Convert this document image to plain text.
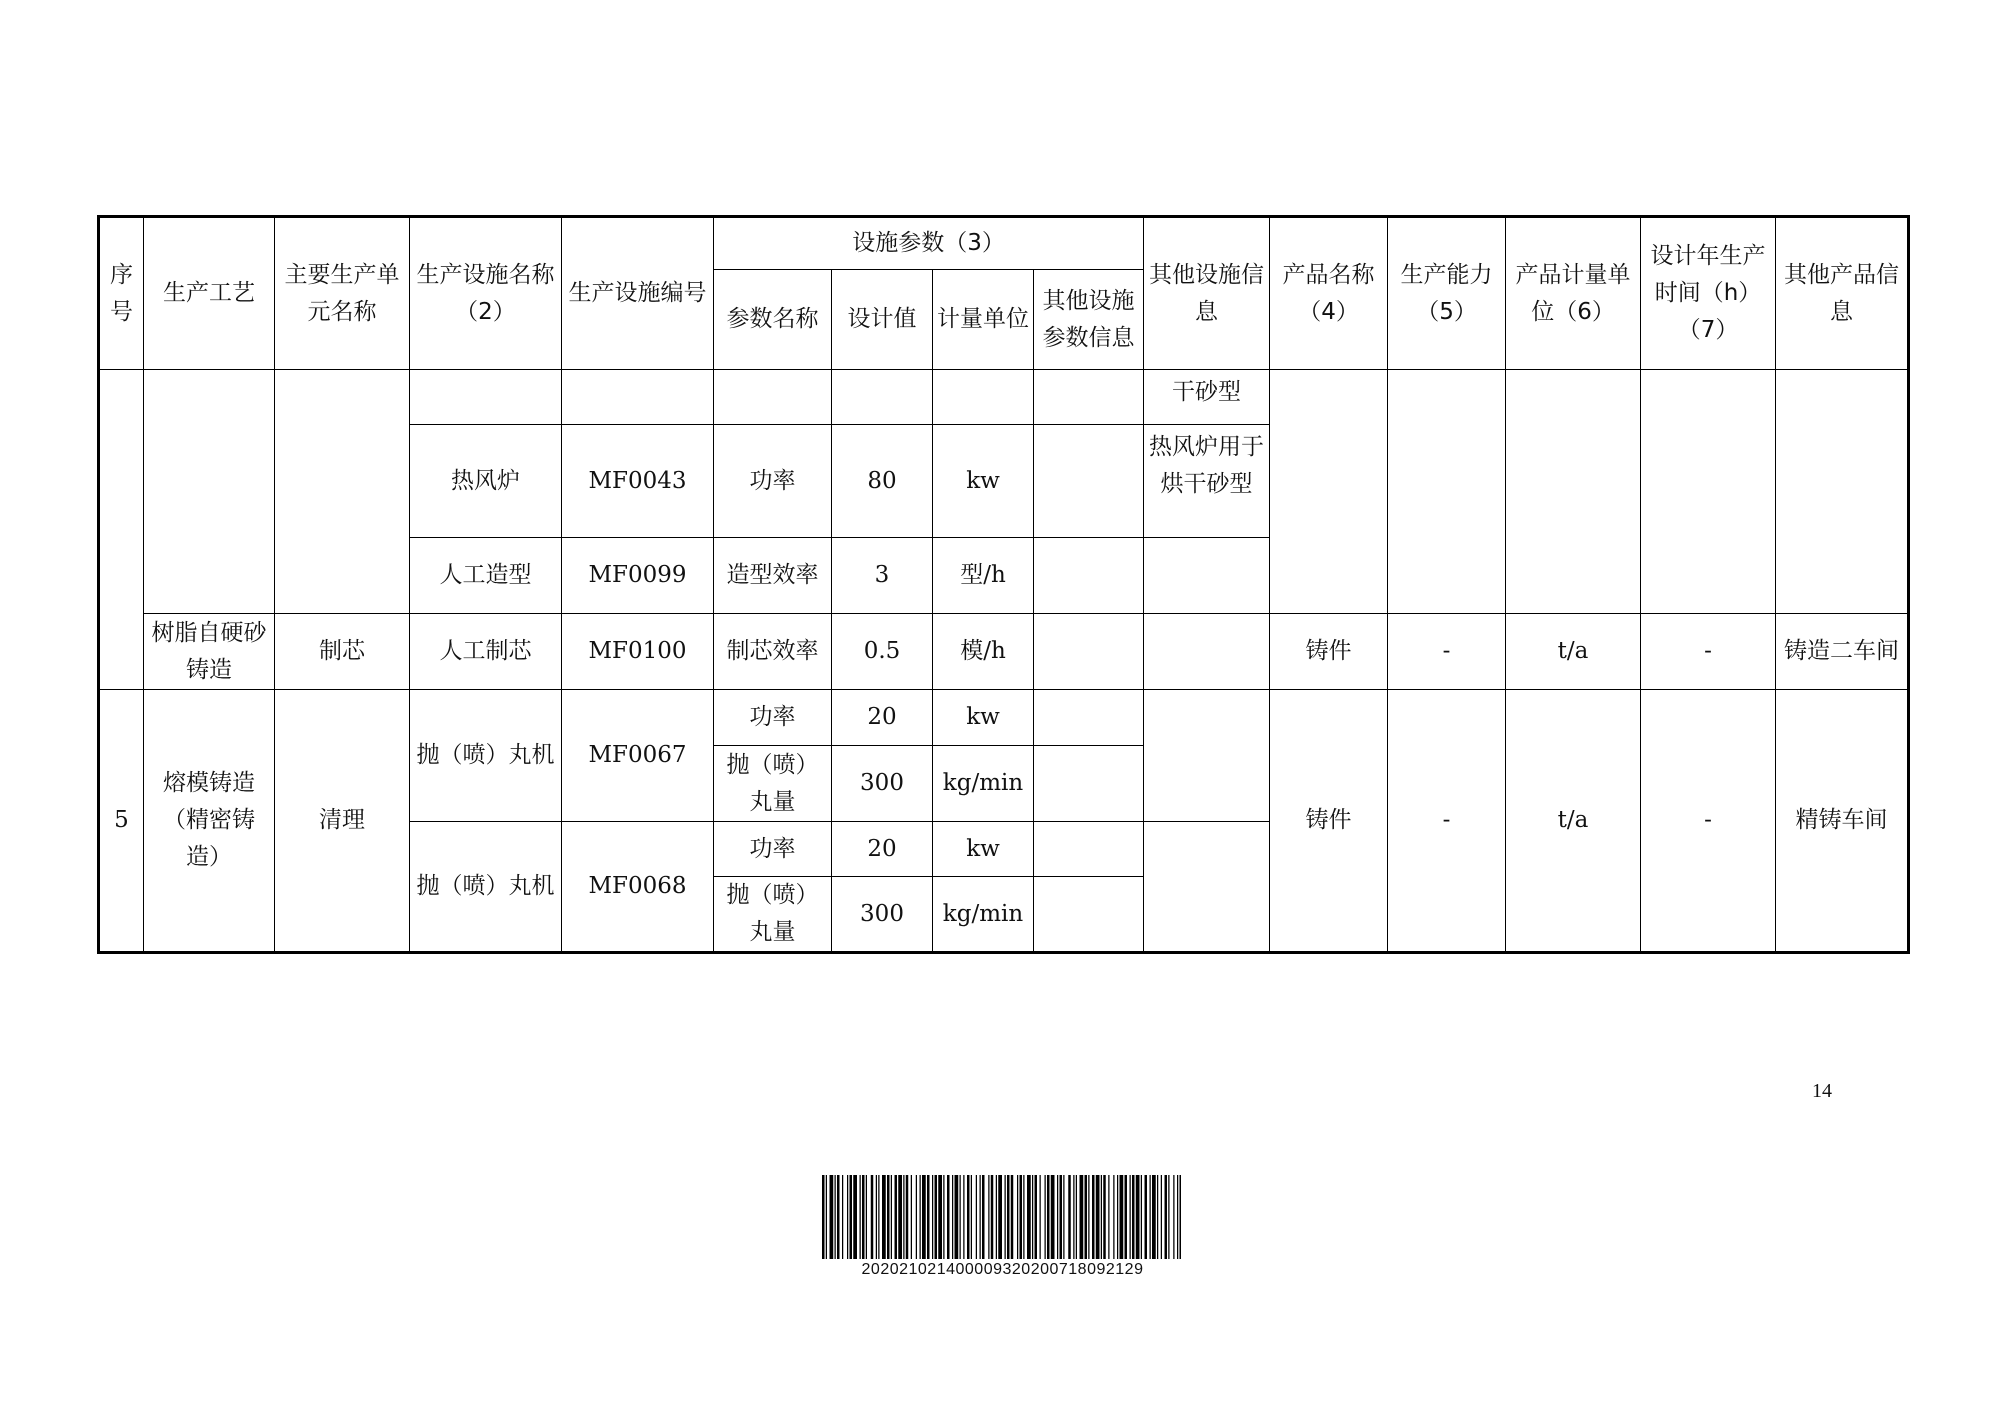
序号	生产工艺	主要生产单元名称	生产设施名称（2）	生产设施编号	设施参数（3）				其他设施信息	产品名称（4）	生产能力（5）	产品计量单位（6）	设计年生产时间（h）（7）	其他产品信息
					参数名称	设计值	计量单位	其他设施参数信息						
									干砂型					
			热风炉	MF0043	功率	80	kw		热风炉用于烘干砂型					
			人工造型	MF0099	造型效率	3	型/h							
	树脂自硬砂铸造	制芯	人工制芯	MF0100	制芯效率	0.5	模/h			铸件	-	t/a	-	铸造二车间
5	熔模铸造（精密铸造）	清理	抛（喷）丸机	MF0067	功率	20	kw			铸件	-	t/a	-	精铸车间
					抛（喷）丸量	300	kg/min							
			抛（喷）丸机	MF0068	功率	20	kw							
					抛（喷）丸量	300	kg/min							
14
20202102140000932020071809212​9
